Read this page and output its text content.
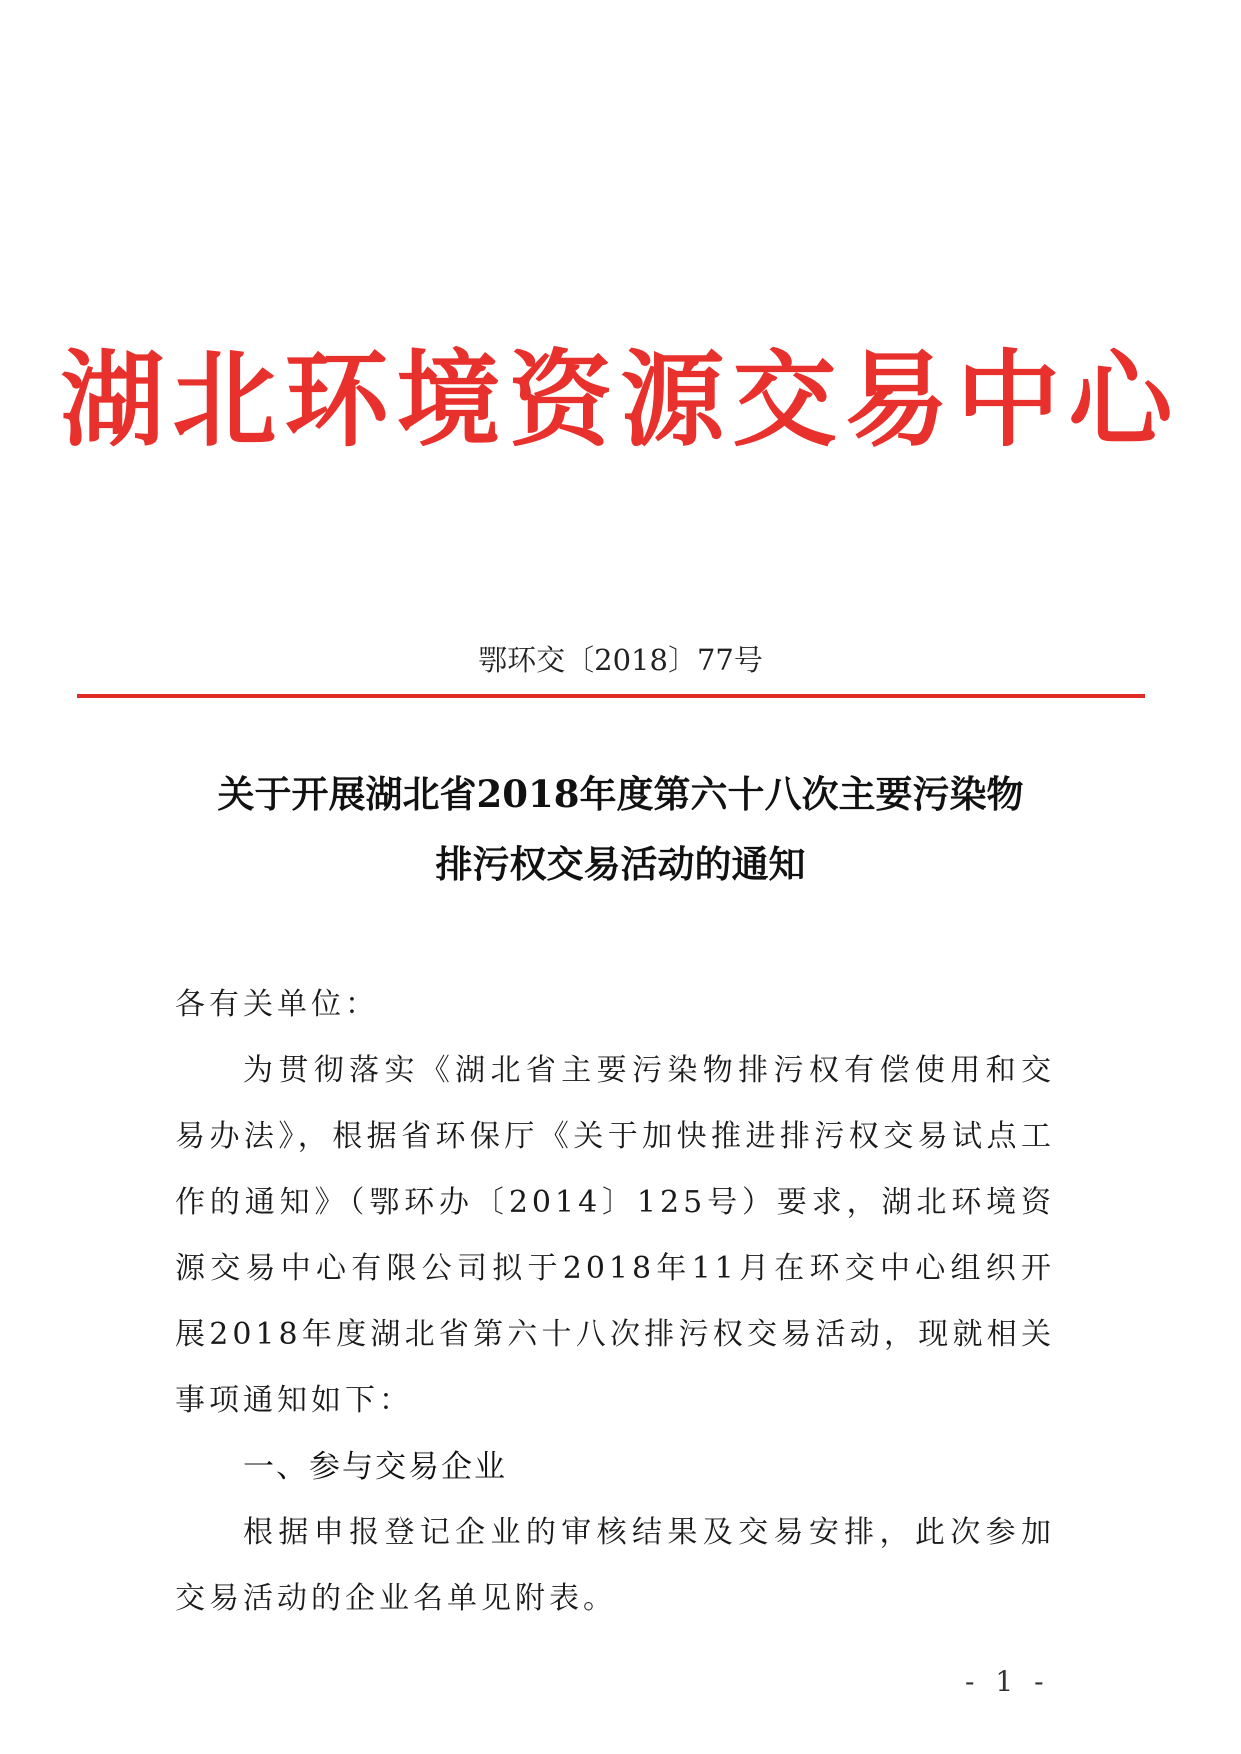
湖北环境资源交易中心
鄂环交〔2018〕77号
关于开展湖北省2018年度第六十八次主要污染物
排污权交易活动的通知
各有关单位：
为贯彻落实《湖北省主要污染物排污权有偿使用和交易办法》，根据省环保厅《关于加快推进排污权交易试点工作的通知》（鄂环办〔2014〕125号）要求，湖北环境资源交易中心有限公司拟于2018年11月在环交中心组织开展2018年度湖北省第六十八次排污权交易活动，现就相关事项通知如下：
一、参与交易企业
根据申报登记企业的审核结果及交易安排，此次参加交易活动的企业名单见附表。
- 1 -
